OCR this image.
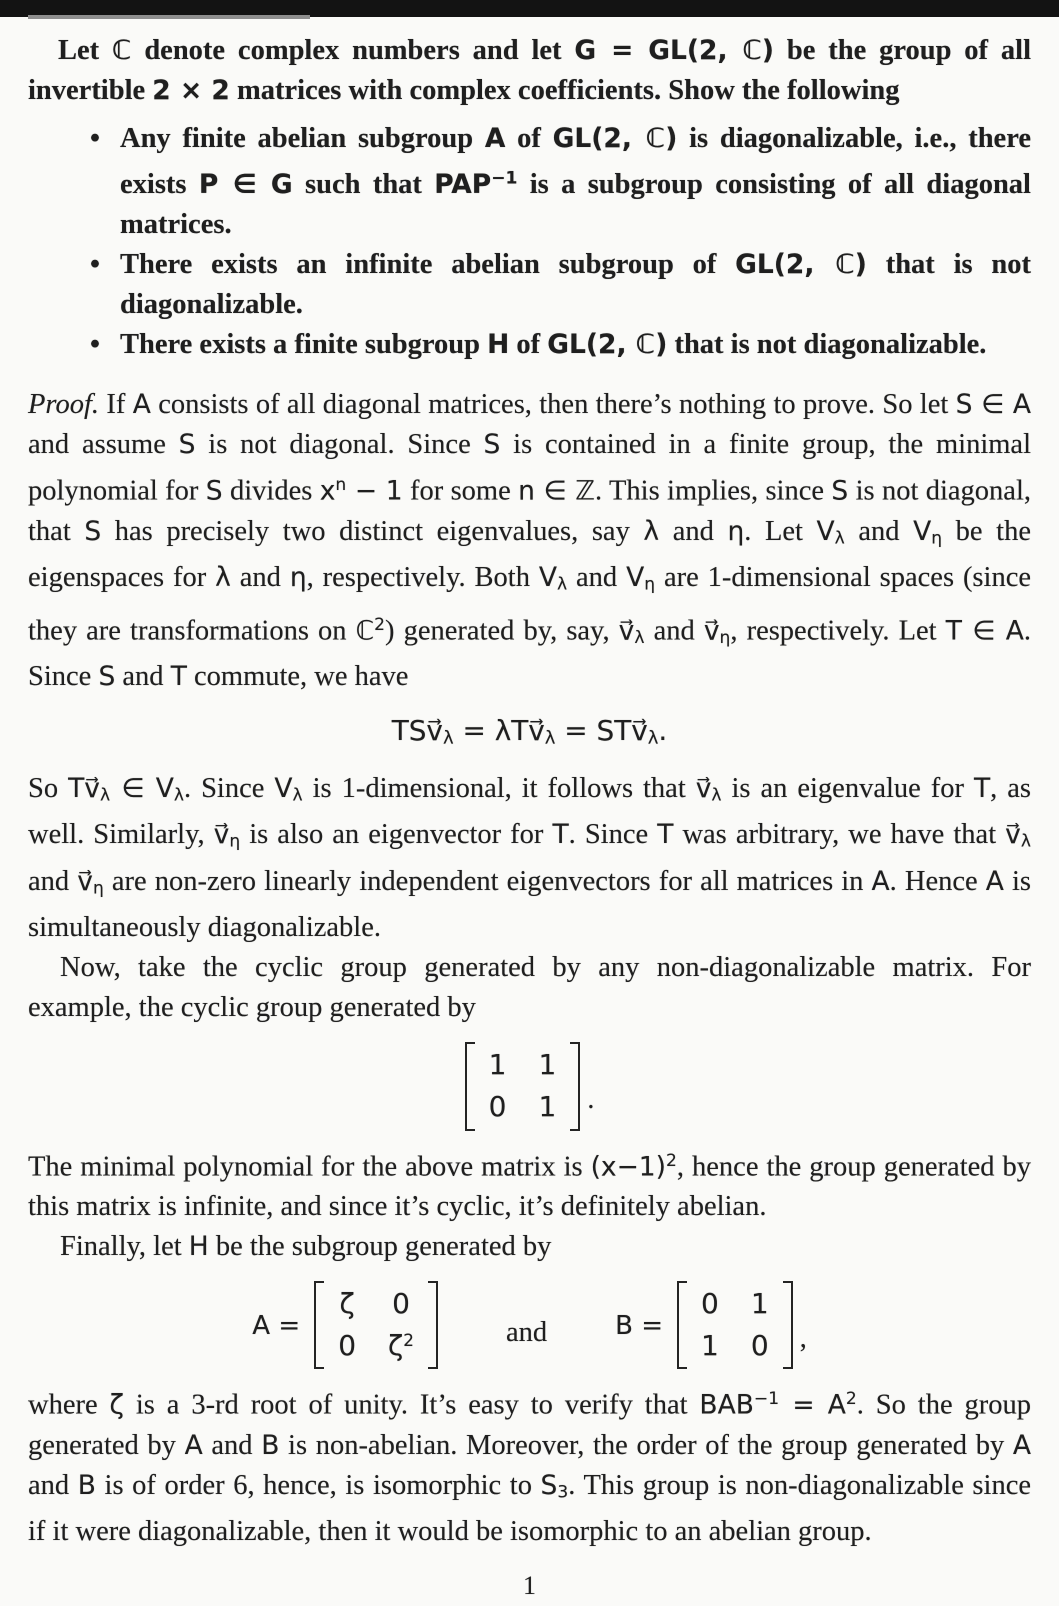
Let ℂ denote complex numbers and let G = GL(2, ℂ) be the group of all invertible 2 × 2 matrices with complex coefficients. Show the following

• Any finite abelian subgroup A of GL(2, ℂ) is diagonalizable, i.e., there exists P ∈ G such that $PAP^{-1}$ is a subgroup consisting of all diagonal matrices.
• There exists an infinite abelian subgroup of GL(2, ℂ) that is not diagonalizable.
• There exists a finite subgroup H of GL(2, ℂ) that is not diagonalizable.

Proof. If A consists of all diagonal matrices, then there’s nothing to prove. So let S ∈ A and assume S is not diagonal. Since S is contained in a finite group, the minimal polynomial for S divides $x^n - 1$ for some n ∈ ℤ. This implies, since S is not diagonal, that S has precisely two distinct eigenvalues, say λ and η. Let Vλ and Vη be the eigenspaces for λ and η, respectively. Both Vλ and Vη are 1-dimensional spaces (since they are transformations on ℂ$^2$) generated by, say, v⃗λ and v⃗η, respectively. Let T ∈ A. Since S and T commute, we have

TSv⃗λ = λTv⃗λ = STv⃗λ.

So Tv⃗λ ∈ Vλ. Since Vλ is 1-dimensional, it follows that v⃗λ is an eigenvalue for T, as well. Similarly, v⃗η is also an eigenvector for T. Since T was arbitrary, we have that v⃗λ and v⃗η are non-zero linearly independent eigenvectors for all matrices in A. Hence A is simultaneously diagonalizable.

Now, take the cyclic group generated by any non-diagonalizable matrix. For example, the cyclic group generated by

1 1
0 1 .

The minimal polynomial for the above matrix is $(x-1)^2$, hence the group generated by this matrix is infinite, and since it’s cyclic, it’s definitely abelian.

Finally, let H be the subgroup generated by

A =
ζ 0
0 $\zeta^2$	and	B =
0 1
1 0 ,

where ζ is a 3-rd root of unity. It’s easy to verify that $BAB^{-1} = A^2$. So the group generated by A and B is non-abelian. Moreover, the order of the group generated by A and B is of order 6, hence, is isomorphic to S3. This group is non-diagonalizable since if it were diagonalizable, then it would be isomorphic to an abelian group.

1
